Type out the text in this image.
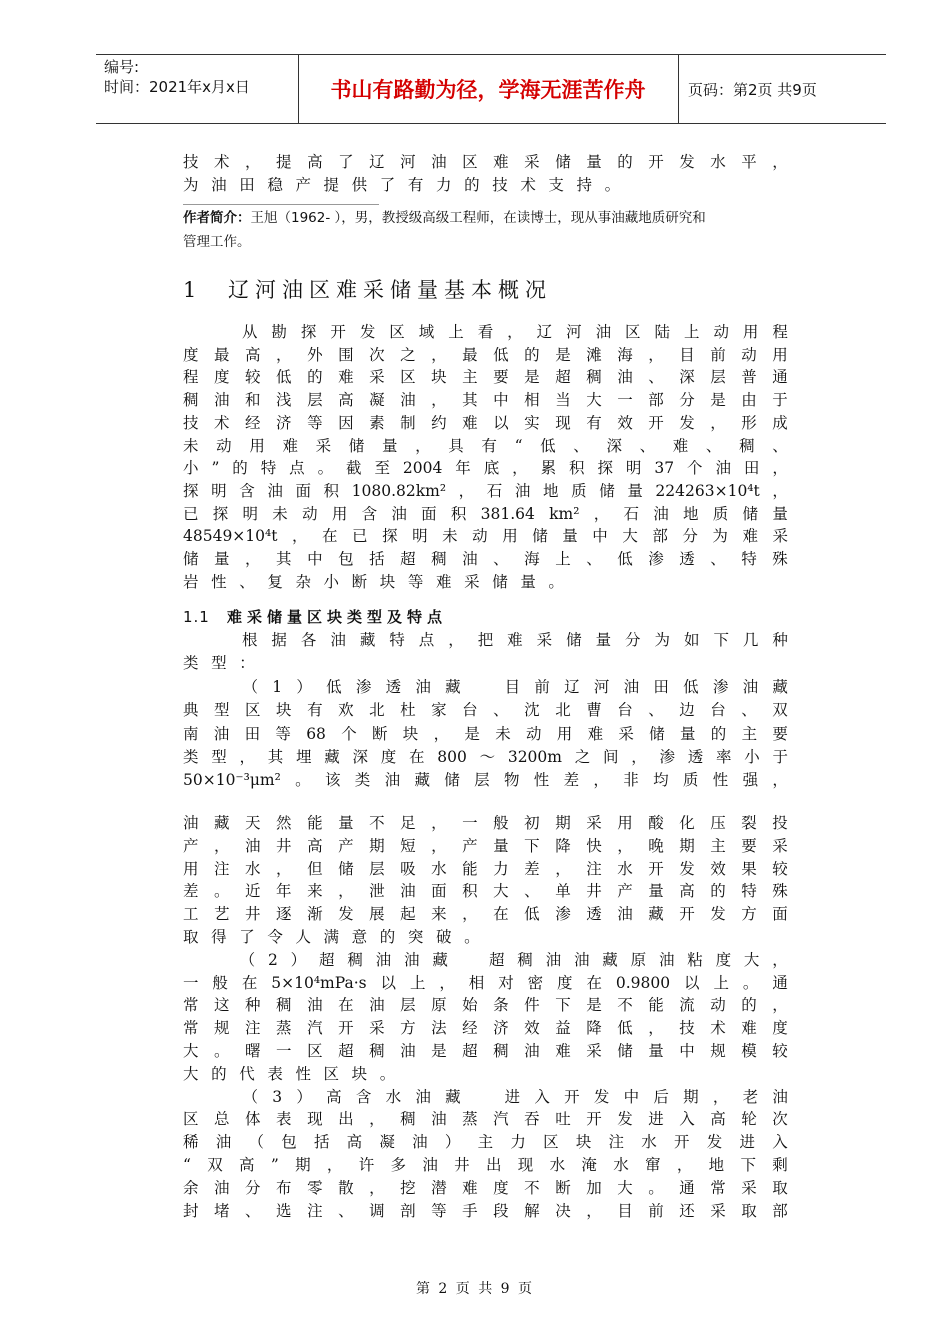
编号:
时间：2021年x月x日	书山有路勤为径，学海无涯苦作舟	页码：第2页 共9页
技 术 ， 提 高 了 辽 河 油 区 难 采 储 量 的 开 发 水 平 ，
为 油 田 稳 产 提 供 了 有 力 的 技 术 支 持 。
作者简介：王旭（1962- ），男，教授级高级工程师，在读博士，现从事油藏地质研究和
管理工作。
1 辽河油区难采储量基本概况

从 勘 探 开 发 区 域 上 看 ， 辽 河 油 区 陆 上 动 用 程
度 最 高 ， 外 围 次 之 ， 最 低 的 是 滩 海 ， 目 前 动 用
程 度 较 低 的 难 采 区 块 主 要 是 超 稠 油 、 深 层 普 通
稠 油 和 浅 层 高 凝 油 ， 其 中 相 当 大 一 部 分 是 由 于
技 术 经 济 等 因 素 制 约 难 以 实 现 有 效 开 发 ， 形 成
未 动 用 难 采 储 量 ， 具 有 “ 低 、 深 、 难 、 稠 、
小 ” 的 特 点 。 截 至 2004 年 底 ， 累 积 探 明 37 个 油 田 ，
探 明 含 油 面 积 1080.82km² ， 石 油 地 质 储 量 224263×10⁴t ，
已 探 明 未 动 用 含 油 面 积 381.64 km² ， 石 油 地 质 储 量
48549×10⁴t ， 在 已 探 明 未 动 用 储 量 中 大 部 分 为 难 采
储 量 ， 其 中 包 括 超 稠 油 、 海 上 、 低 渗 透 、 特 殊
岩 性 、 复 杂 小 断 块 等 难 采 储 量 。
1.1 难采储量区块类型及特点

根 据 各 油 藏 特 点 ， 把 难 采 储 量 分 为 如 下 几 种
类 型 ：

（ 1 ） 低 渗 透 油 藏
　	目 前 辽 河 油 田 低 渗 油 藏
典 型 区 块 有 欢 北 杜 家 台 、 沈 北 曹 台 、 边 台 、 双
南 油 田 等 68 个 断 块 ， 是 未 动 用 难 采 储 量 的 主 要
类 型 ， 其 埋 藏 深 度 在 800 ～ 3200m 之 间 ， 渗 透 率 小 于
50×10⁻³μm² 。 该 类 油 藏 储 层 物 性 差 ， 非 均 质 性 强 ，
油 藏 天 然 能 量 不 足 ， 一 般 初 期 采 用 酸 化 压 裂 投
产 ， 油 井 高 产 期 短 ， 产 量 下 降 快 ， 晚 期 主 要 采
用 注 水 ， 但 储 层 吸 水 能 力 差 ， 注 水 开 发 效 果 较
差 。 近 年 来 ， 泄 油 面 积 大 、 单 井 产 量 高 的 特 殊
工 艺 井 逐 渐 发 展 起 来 ， 在 低 渗 透 油 藏 开 发 方 面
取 得 了 令 人 满 意 的 突 破 。

（ 2 ） 超 稠 油 油 藏
　	超 稠 油 油 藏 原 油 粘 度 大 ，
一 般 在 5×10⁴mPa·s 以 上 ， 相 对 密 度 在 0.9800 以 上 。 通
常 这 种 稠 油 在 油 层 原 始 条 件 下 是 不 能 流 动 的 ，
常 规 注 蒸 汽 开 采 方 法 经 济 效 益 降 低 ， 技 术 难 度
大 。 曙 一 区 超 稠 油 是 超 稠 油 难 采 储 量 中 规 模 较
大 的 代 表 性 区 块 。

（ 3 ） 高 含 水 油 藏
　	进 入 开 发 中 后 期 ， 老 油
区 总 体 表 现 出 ， 稠 油 蒸 汽 吞 吐 开 发 进 入 高 轮 次
稀 油 （ 包 括 高 凝 油 ） 主 力 区 块 注 水 开 发 进 入
“ 双 高 ” 期 ， 许 多 油 井 出 现 水 淹 水 窜 ， 地 下 剩
余 油 分 布 零 散 ， 挖 潜 难 度 不 断 加 大 。 通 常 采 取
封 堵 、 选 注 、 调 剖 等 手 段 解 决 ， 目 前 还 采 取 部
第 2 页 共 9 页
